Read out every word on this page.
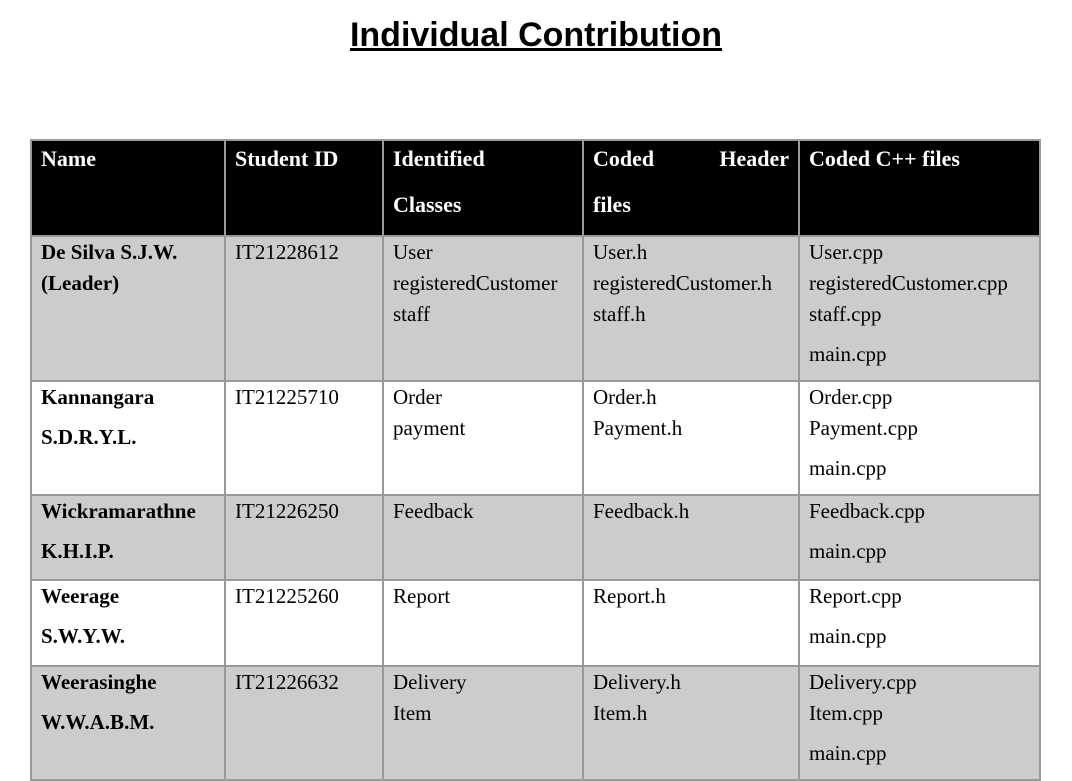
Individual Contribution
Name	Student ID	Identified
Classes

Coded	Header
files

Coded C++ files

De Silva S.J.W.
(Leader)

IT21228612	User
registeredCustomer
staff

User.h
registeredCustomer.h
staff.h

User.cpp
registeredCustomer.cpp
staff.cpp
main.cpp

Kannangara
S.D.R.Y.L.

IT21225710	Order
payment

Order.h
Payment.h

Order.cpp
Payment.cpp
main.cpp

Wickramarathne
K.H.I.P.

IT21226250	Feedback	Feedback.h	Feedback.cpp
main.cpp

Weerage
S.W.Y.W.

IT21225260	Report	Report.h	Report.cpp
main.cpp

Weerasinghe
W.W.A.B.M.

IT21226632	Delivery
Item

Delivery.h
Item.h

Delivery.cpp
Item.cpp
main.cpp
